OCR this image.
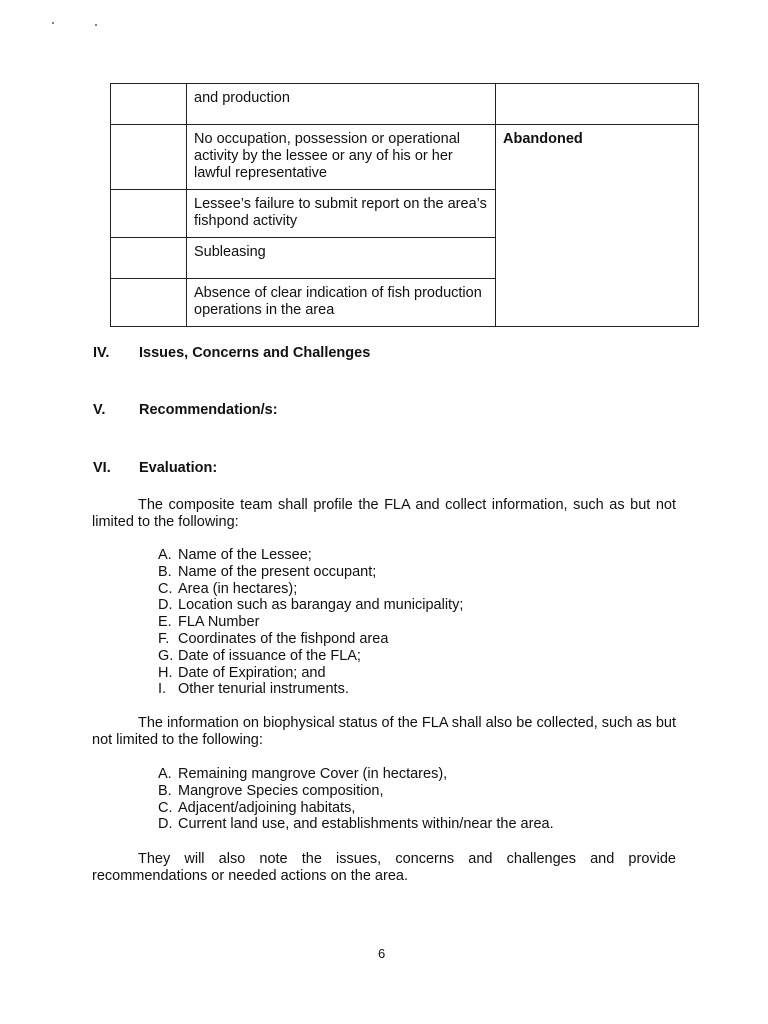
	and production	
	No occupation, possession or operational activity by the lessee or any of his or her lawful representative	Abandoned
	Lessee’s failure to submit report on the area’s fishpond activity	
	Subleasing	
	Absence of clear indication of fish production operations in the area	
IV. Issues, Concerns and Challenges
V. Recommendation/s:
VI. Evaluation:
The composite team shall profile the FLA and collect information, such as but not limited to the following:
A. Name of the Lessee;
B. Name of the present occupant;
C. Area (in hectares);
D. Location such as barangay and municipality;
E. FLA Number
F. Coordinates of the fishpond area
G. Date of issuance of the FLA;
H. Date of Expiration; and
I. Other tenurial instruments.
The information on biophysical status of the FLA shall also be collected, such as but not limited to the following:
A. Remaining mangrove Cover (in hectares),
B. Mangrove Species composition,
C. Adjacent/adjoining habitats,
D. Current land use, and establishments within/near the area.
They will also note the issues, concerns and challenges and provide recommendations or needed actions on the area.
6
